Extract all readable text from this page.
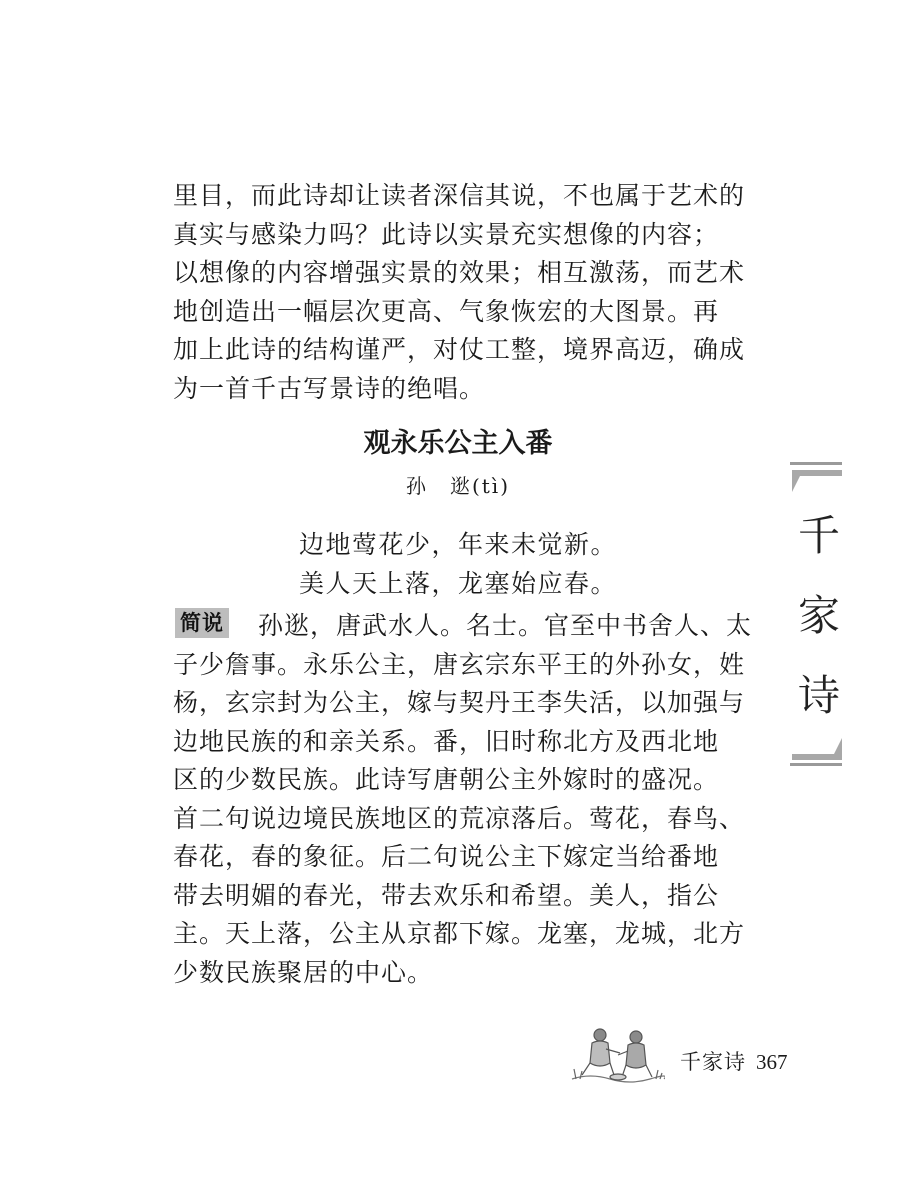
里目，而此诗却让读者深信其说，不也属于艺术的
真实与感染力吗？此诗以实景充实想像的内容；
以想像的内容增强实景的效果；相互激荡，而艺术
地创造出一幅层次更高、气象恢宏的大图景。再
加上此诗的结构谨严，对仗工整，境界高迈，确成
为一首千古写景诗的绝唱。
观永乐公主入番
孙 逖(tì)
边地莺花少，年来未觉新。
美人天上落，龙塞始应春。
孙逖，唐武水人。名士。官至中书舍人、太
子少詹事。永乐公主，唐玄宗东平王的外孙女，姓
杨，玄宗封为公主，嫁与契丹王李失活，以加强与
边地民族的和亲关系。番，旧时称北方及西北地
区的少数民族。此诗写唐朝公主外嫁时的盛况。
首二句说边境民族地区的荒凉落后。莺花，春鸟、
春花，春的象征。后二句说公主下嫁定当给番地
带去明媚的春光，带去欢乐和希望。美人，指公
主。天上落，公主从京都下嫁。龙塞，龙城，北方
少数民族聚居的中心。
简说
千
家
诗
千家诗 367
